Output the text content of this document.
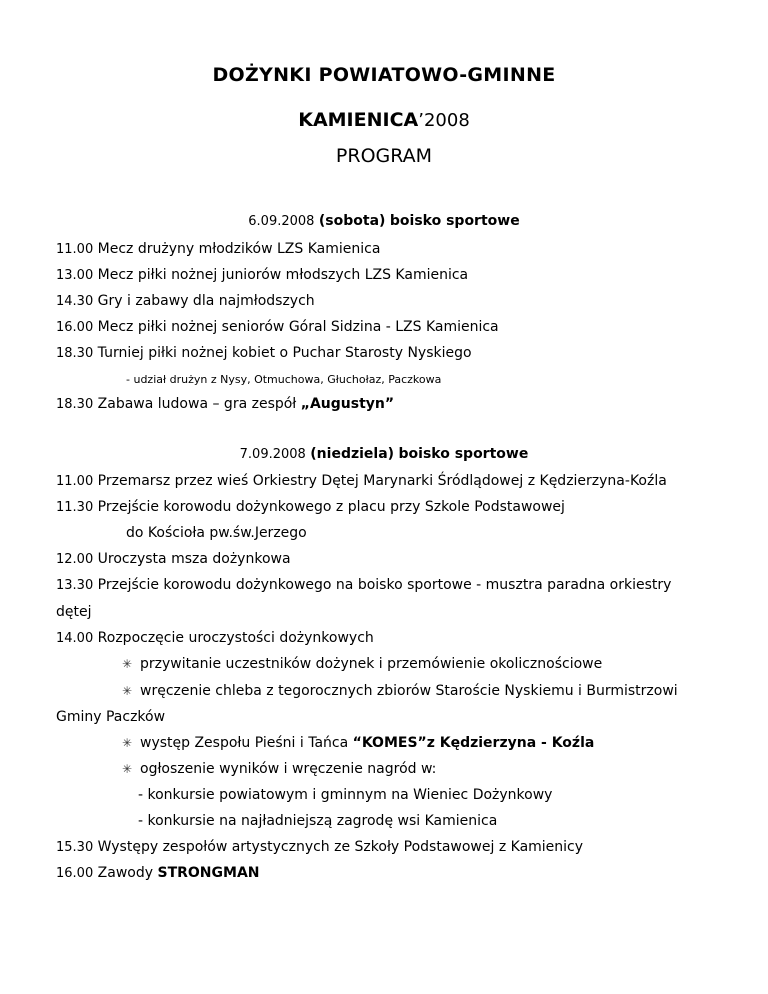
DOŻYNKI POWIATOWO-GMINNE
KAMIENICA’2008
PROGRAM
6.09.2008 (sobota) boisko sportowe
11.00 Mecz drużyny młodzików LZS Kamienica
13.00 Mecz piłki nożnej juniorów młodszych LZS Kamienica
14.30 Gry i zabawy dla najmłodszych
16.00 Mecz piłki nożnej seniorów Góral Sidzina - LZS Kamienica
18.30 Turniej piłki nożnej kobiet o Puchar Starosty Nyskiego
- udział drużyn z Nysy, Otmuchowa, Głuchołaz, Paczkowa
18.30 Zabawa ludowa – gra zespół „Augustyn”
7.09.2008 (niedziela) boisko sportowe
11.00 Przemarsz przez wieś Orkiestry Dętej Marynarki Śródlądowej z Kędzierzyna-Koźla
11.30 Przejście korowodu dożynkowego z placu przy Szkole Podstawowej
do Kościoła pw.św.Jerzego
12.00 Uroczysta msza dożynkowa
13.30 Przejście korowodu dożynkowego na boisko sportowe - musztra paradna orkiestry
dętej
14.00 Rozpoczęcie uroczystości dożynkowych
✳ przywitanie uczestników dożynek i przemówienie okolicznościowe
✳ wręczenie chleba z tegorocznych zbiorów Staroście Nyskiemu i Burmistrzowi
Gminy Paczków
✳ występ Zespołu Pieśni i Tańca “KOMES”z Kędzierzyna - Koźla
✳ ogłoszenie wyników i wręczenie nagród w:
- konkursie powiatowym i gminnym na Wieniec Dożynkowy
- konkursie na najładniejszą zagrodę wsi Kamienica
15.30 Występy zespołów artystycznych ze Szkoły Podstawowej z Kamienicy
16.00 Zawody STRONGMAN
